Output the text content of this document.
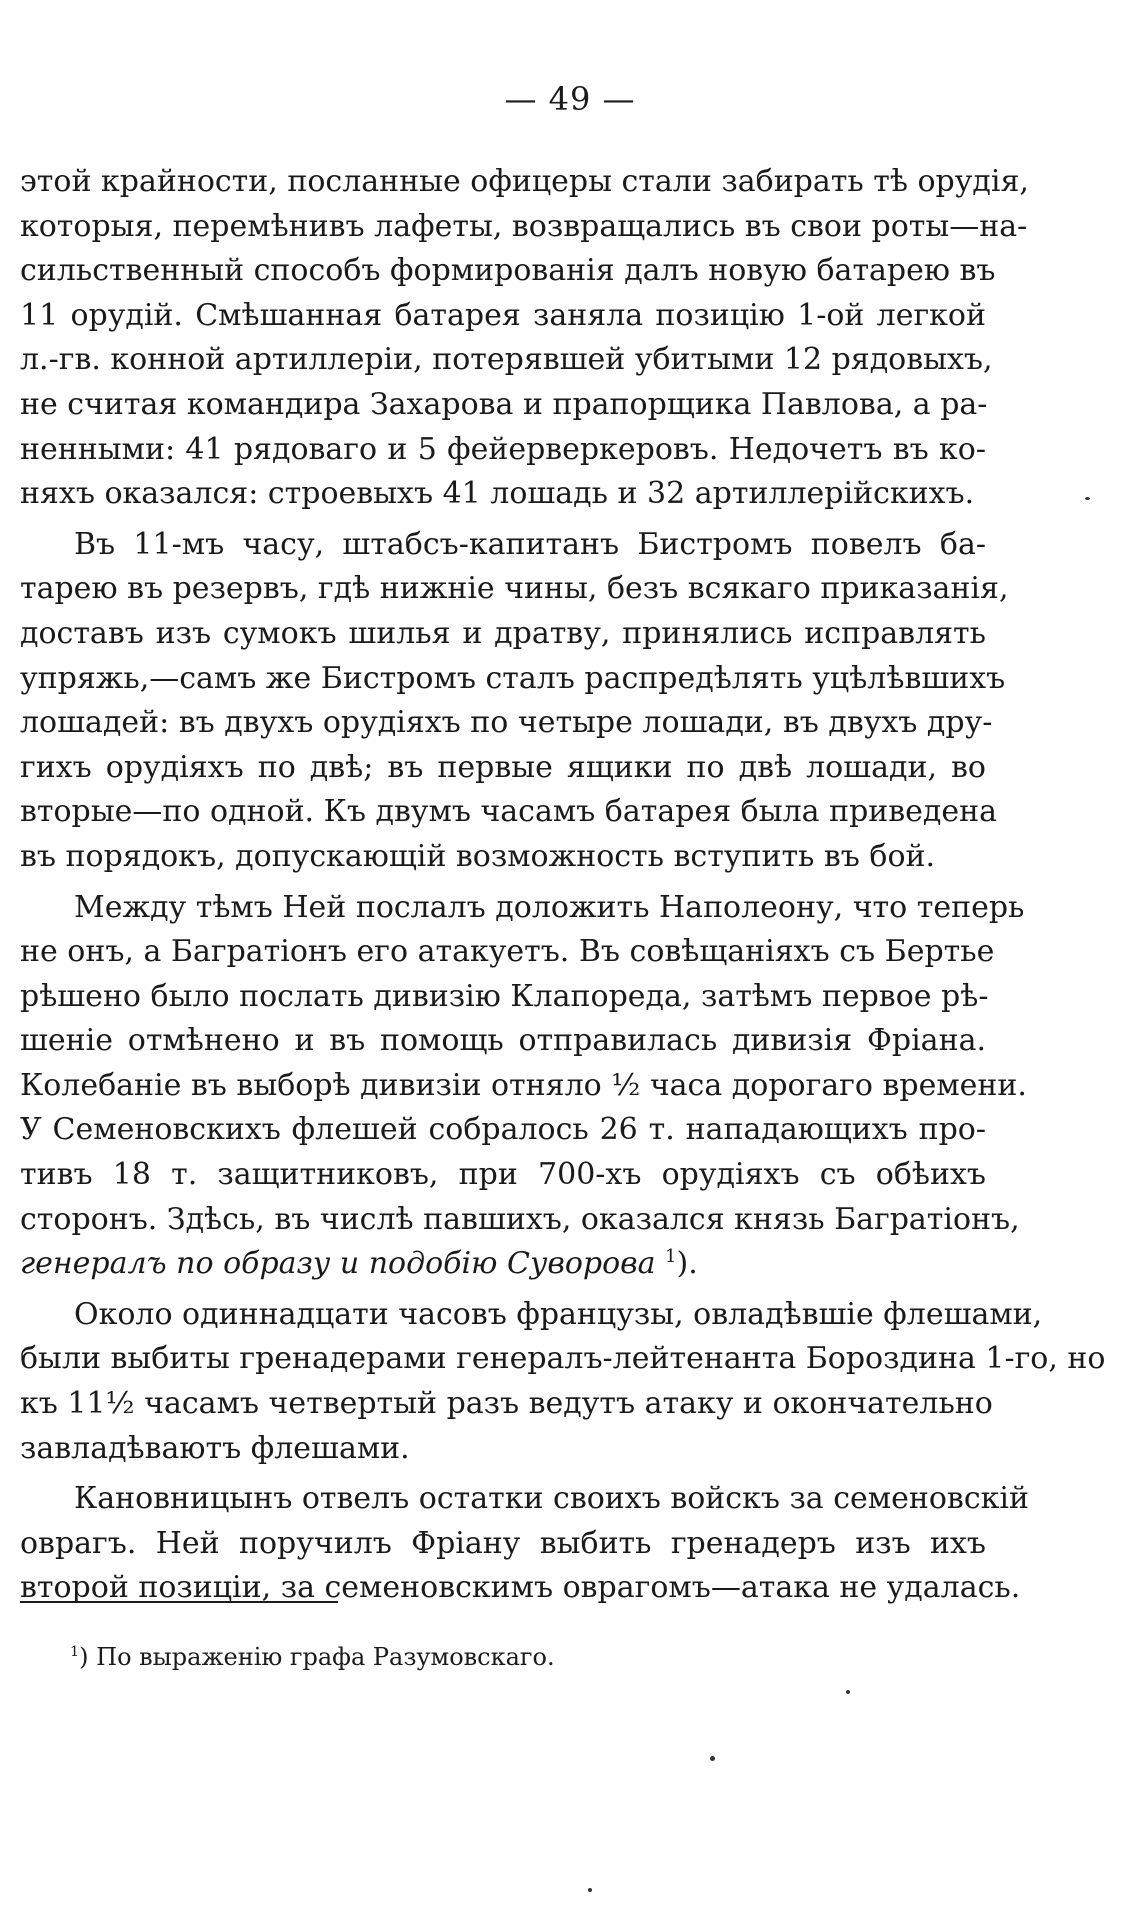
— 49 —
этой крайности, посланные офицеры стали забирать тѣ орудія,
которыя, перемѣнивъ лафеты, возвращались въ свои роты—на-
сильственный способъ формированія далъ новую батарею въ
11 орудій. Смѣшанная батарея заняла позицію 1-ой легкой
л.-гв. конной артиллеріи, потерявшей убитыми 12 рядовыхъ,
не считая командира Захарова и прапорщика Павлова, а ра-
ненными: 41 рядоваго и 5 фейерверкеровъ. Недочетъ въ ко-
няхъ оказался: строевыхъ 41 лошадь и 32 артиллерійскихъ.
Въ 11-мъ часу, штабсъ-капитанъ Бистромъ повелъ ба-
тарею въ резервъ, гдѣ нижніе чины, безъ всякаго приказанія,
доставъ изъ сумокъ шилья и дратву, принялись исправлять
упряжь,—самъ же Бистромъ сталъ распредѣлять уцѣлѣвшихъ
лошадей: въ двухъ орудіяхъ по четыре лошади, въ двухъ дру-
гихъ орудіяхъ по двѣ; въ первые ящики по двѣ лошади, во
вторые—по одной. Къ двумъ часамъ батарея была приведена
въ порядокъ, допускающій возможность вступить въ бой.
Между тѣмъ Ней послалъ доложить Наполеону, что теперь
не онъ, а Багратіонъ его атакуетъ. Въ совѣщаніяхъ съ Бертье
рѣшено было послать дивизію Клапореда, затѣмъ первое рѣ-
шеніе отмѣнено и въ помощь отправилась дивизія Фріана.
Колебаніе въ выборѣ дивизіи отняло ½ часа дорогаго времени.
У Семеновскихъ флешей собралось 26 т. нападающихъ про-
тивъ 18 т. защитниковъ, при 700-хъ орудіяхъ съ обѣихъ
сторонъ. Здѣсь, въ числѣ павшихъ, оказался князь Багратіонъ,
генералъ по образу и подобію Суворова $^1$).
Около одиннадцати часовъ французы, овладѣвшіе флешами,
были выбиты гренадерами генералъ-лейтенанта Бороздина 1-го, но
къ 11½ часамъ четвертый разъ ведутъ атаку и окончательно
завладѣваютъ флешами.
Кановницынъ отвелъ остатки своихъ войскъ за семеновскій
оврагъ. Ней поручилъ Фріану выбить гренадеръ изъ ихъ
второй позиціи, за семеновскимъ оврагомъ—атака не удалась.
$^1$) По выраженію графа Разумовскаго.
